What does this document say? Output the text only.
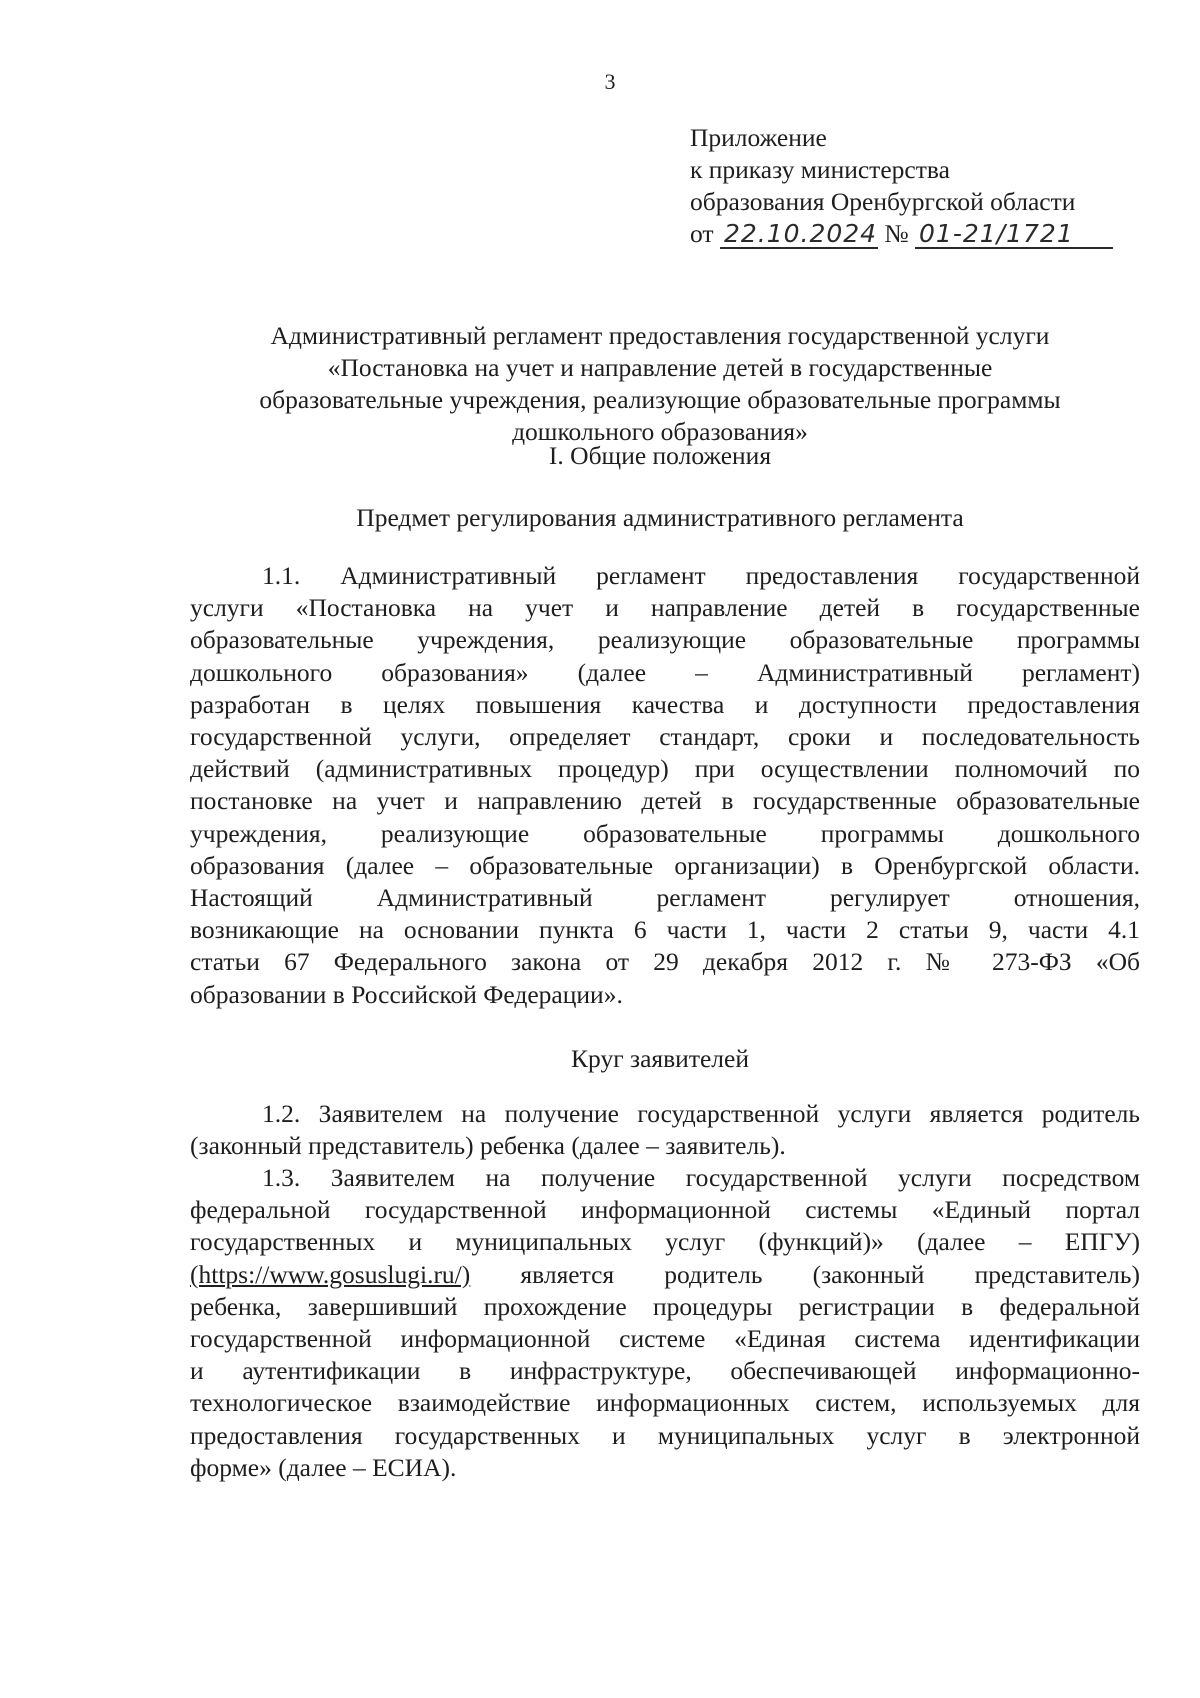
3
Приложение
к приказу министерства
образования Оренбургской области
от 22.10.2024 № 01-21/1721
Административный регламент предоставления государственной услуги
«Постановка на учет и направление детей в государственные
образовательные учреждения, реализующие образовательные программы
дошкольного образования»
I. Общие положения
Предмет регулирования административного регламента
1.1. Административный регламент предоставления государственной
услуги «Постановка на учет и направление детей в государственные
образовательные учреждения, реализующие образовательные программы
дошкольного образования» (далее – Административный регламент)
разработан в целях повышения качества и доступности предоставления
государственной услуги, определяет стандарт, сроки и последовательность
действий (административных процедур) при осуществлении полномочий по
постановке на учет и направлению детей в государственные образовательные
учреждения, реализующие образовательные программы дошкольного
образования (далее – образовательные организации) в Оренбургской области.
Настоящий Административный регламент регулирует отношения,
возникающие на основании пункта 6 части 1, части 2 статьи 9, части 4.1
статьи 67 Федерального закона от 29 декабря 2012 г. № 273-ФЗ «Об
образовании в Российской Федерации».
Круг заявителей
1.2. Заявителем на получение государственной услуги является родитель
(законный представитель) ребенка (далее – заявитель).
1.3. Заявителем на получение государственной услуги посредством
федеральной государственной информационной системы «Единый портал
государственных и муниципальных услуг (функций)» (далее – ЕПГУ)
(https://www.gosuslugi.ru/) является родитель (законный представитель)
ребенка, завершивший прохождение процедуры регистрации в федеральной
государственной информационной системе «Единая система идентификации
и аутентификации в инфраструктуре, обеспечивающей информационно-
технологическое взаимодействие информационных систем, используемых для
предоставления государственных и муниципальных услуг в электронной
форме» (далее – ЕСИА).
